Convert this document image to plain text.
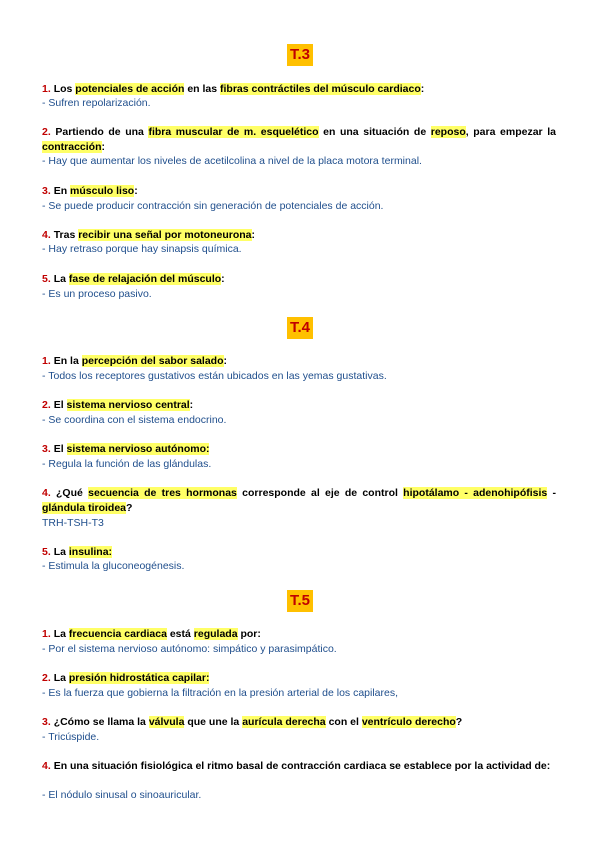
T.3
1. Los potenciales de acción en las fibras contráctiles del músculo cardiaco:
- Sufren repolarización.
2. Partiendo de una fibra muscular de m. esquelético en una situación de reposo, para empezar la contracción:
- Hay que aumentar los niveles de acetilcolina a nivel de la placa motora terminal.
3. En músculo liso:
- Se puede producir contracción sin generación de potenciales de acción.
4. Tras recibir una señal por motoneurona:
- Hay retraso porque hay sinapsis química.
5. La fase de relajación del músculo:
- Es un proceso pasivo.
T.4
1. En la percepción del sabor salado:
- Todos los receptores gustativos están ubicados en las yemas gustativas.
2. El sistema nervioso central:
- Se coordina con el sistema endocrino.
3. El sistema nervioso autónomo:
- Regula la función de las glándulas.
4. ¿Qué secuencia de tres hormonas corresponde al eje de control hipotálamo - adenohipófisis - glándula tiroidea?
TRH-TSH-T3
5. La insulina:
- Estimula la gluconeogénesis.
T.5
1. La frecuencia cardiaca está regulada por:
- Por el sistema nervioso autónomo: simpático y parasimpático.
2. La presión hidrostática capilar:
- Es la fuerza que gobierna la filtración en la presión arterial de los capilares,
3. ¿Cómo se llama la válvula que une la aurícula derecha con el ventrículo derecho?
- Tricúspide.
4. En una situación fisiológica el ritmo basal de contracción cardiaca se establece por la actividad de:
- El nódulo sinusal o sinoauricular.
